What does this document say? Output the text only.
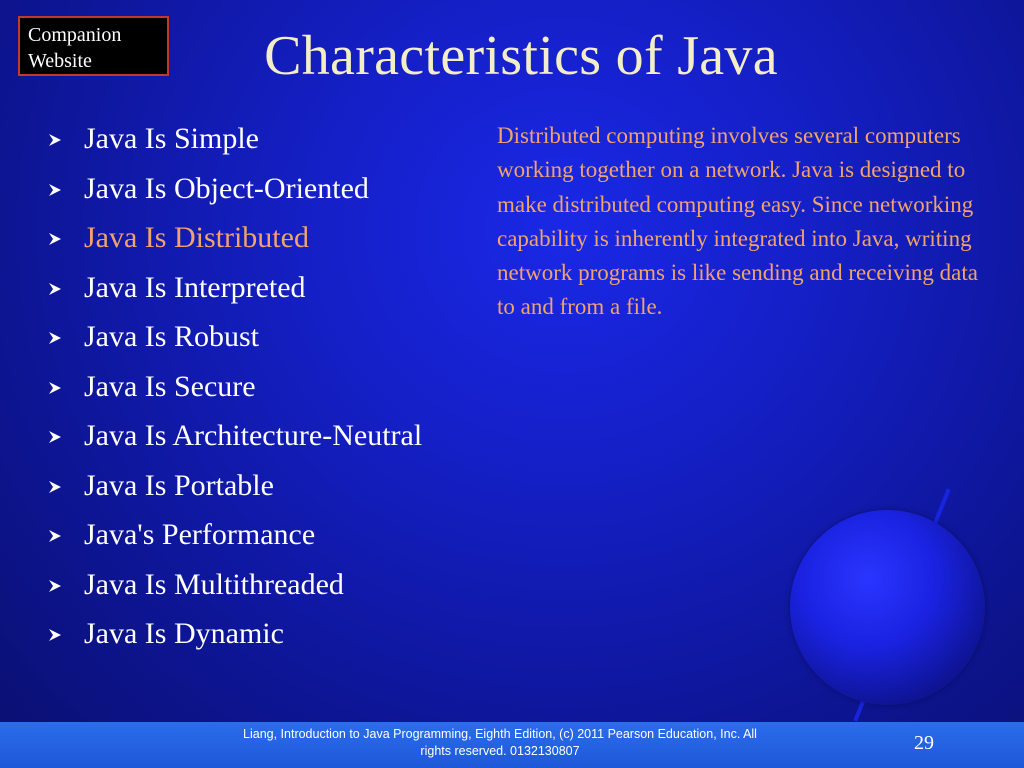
Companion
Website	Characteristics of Java
Java Is Simple
Java Is Object-Oriented
Java Is Distributed
Java Is Interpreted
Java Is Robust
Java Is Secure
Java Is Architecture-Neutral
Java Is Portable
Java's Performance
Java Is Multithreaded
Java Is Dynamic

Distributed computing involves several computers working together on a network. Java is designed to make distributed computing easy. Since networking capability is inherently integrated into Java, writing network programs is like sending and receiving data to and from a file.

Liang, Introduction to Java Programming, Eighth Edition, (c) 2011 Pearson Education, Inc. All
rights reserved. 0132130807	29
